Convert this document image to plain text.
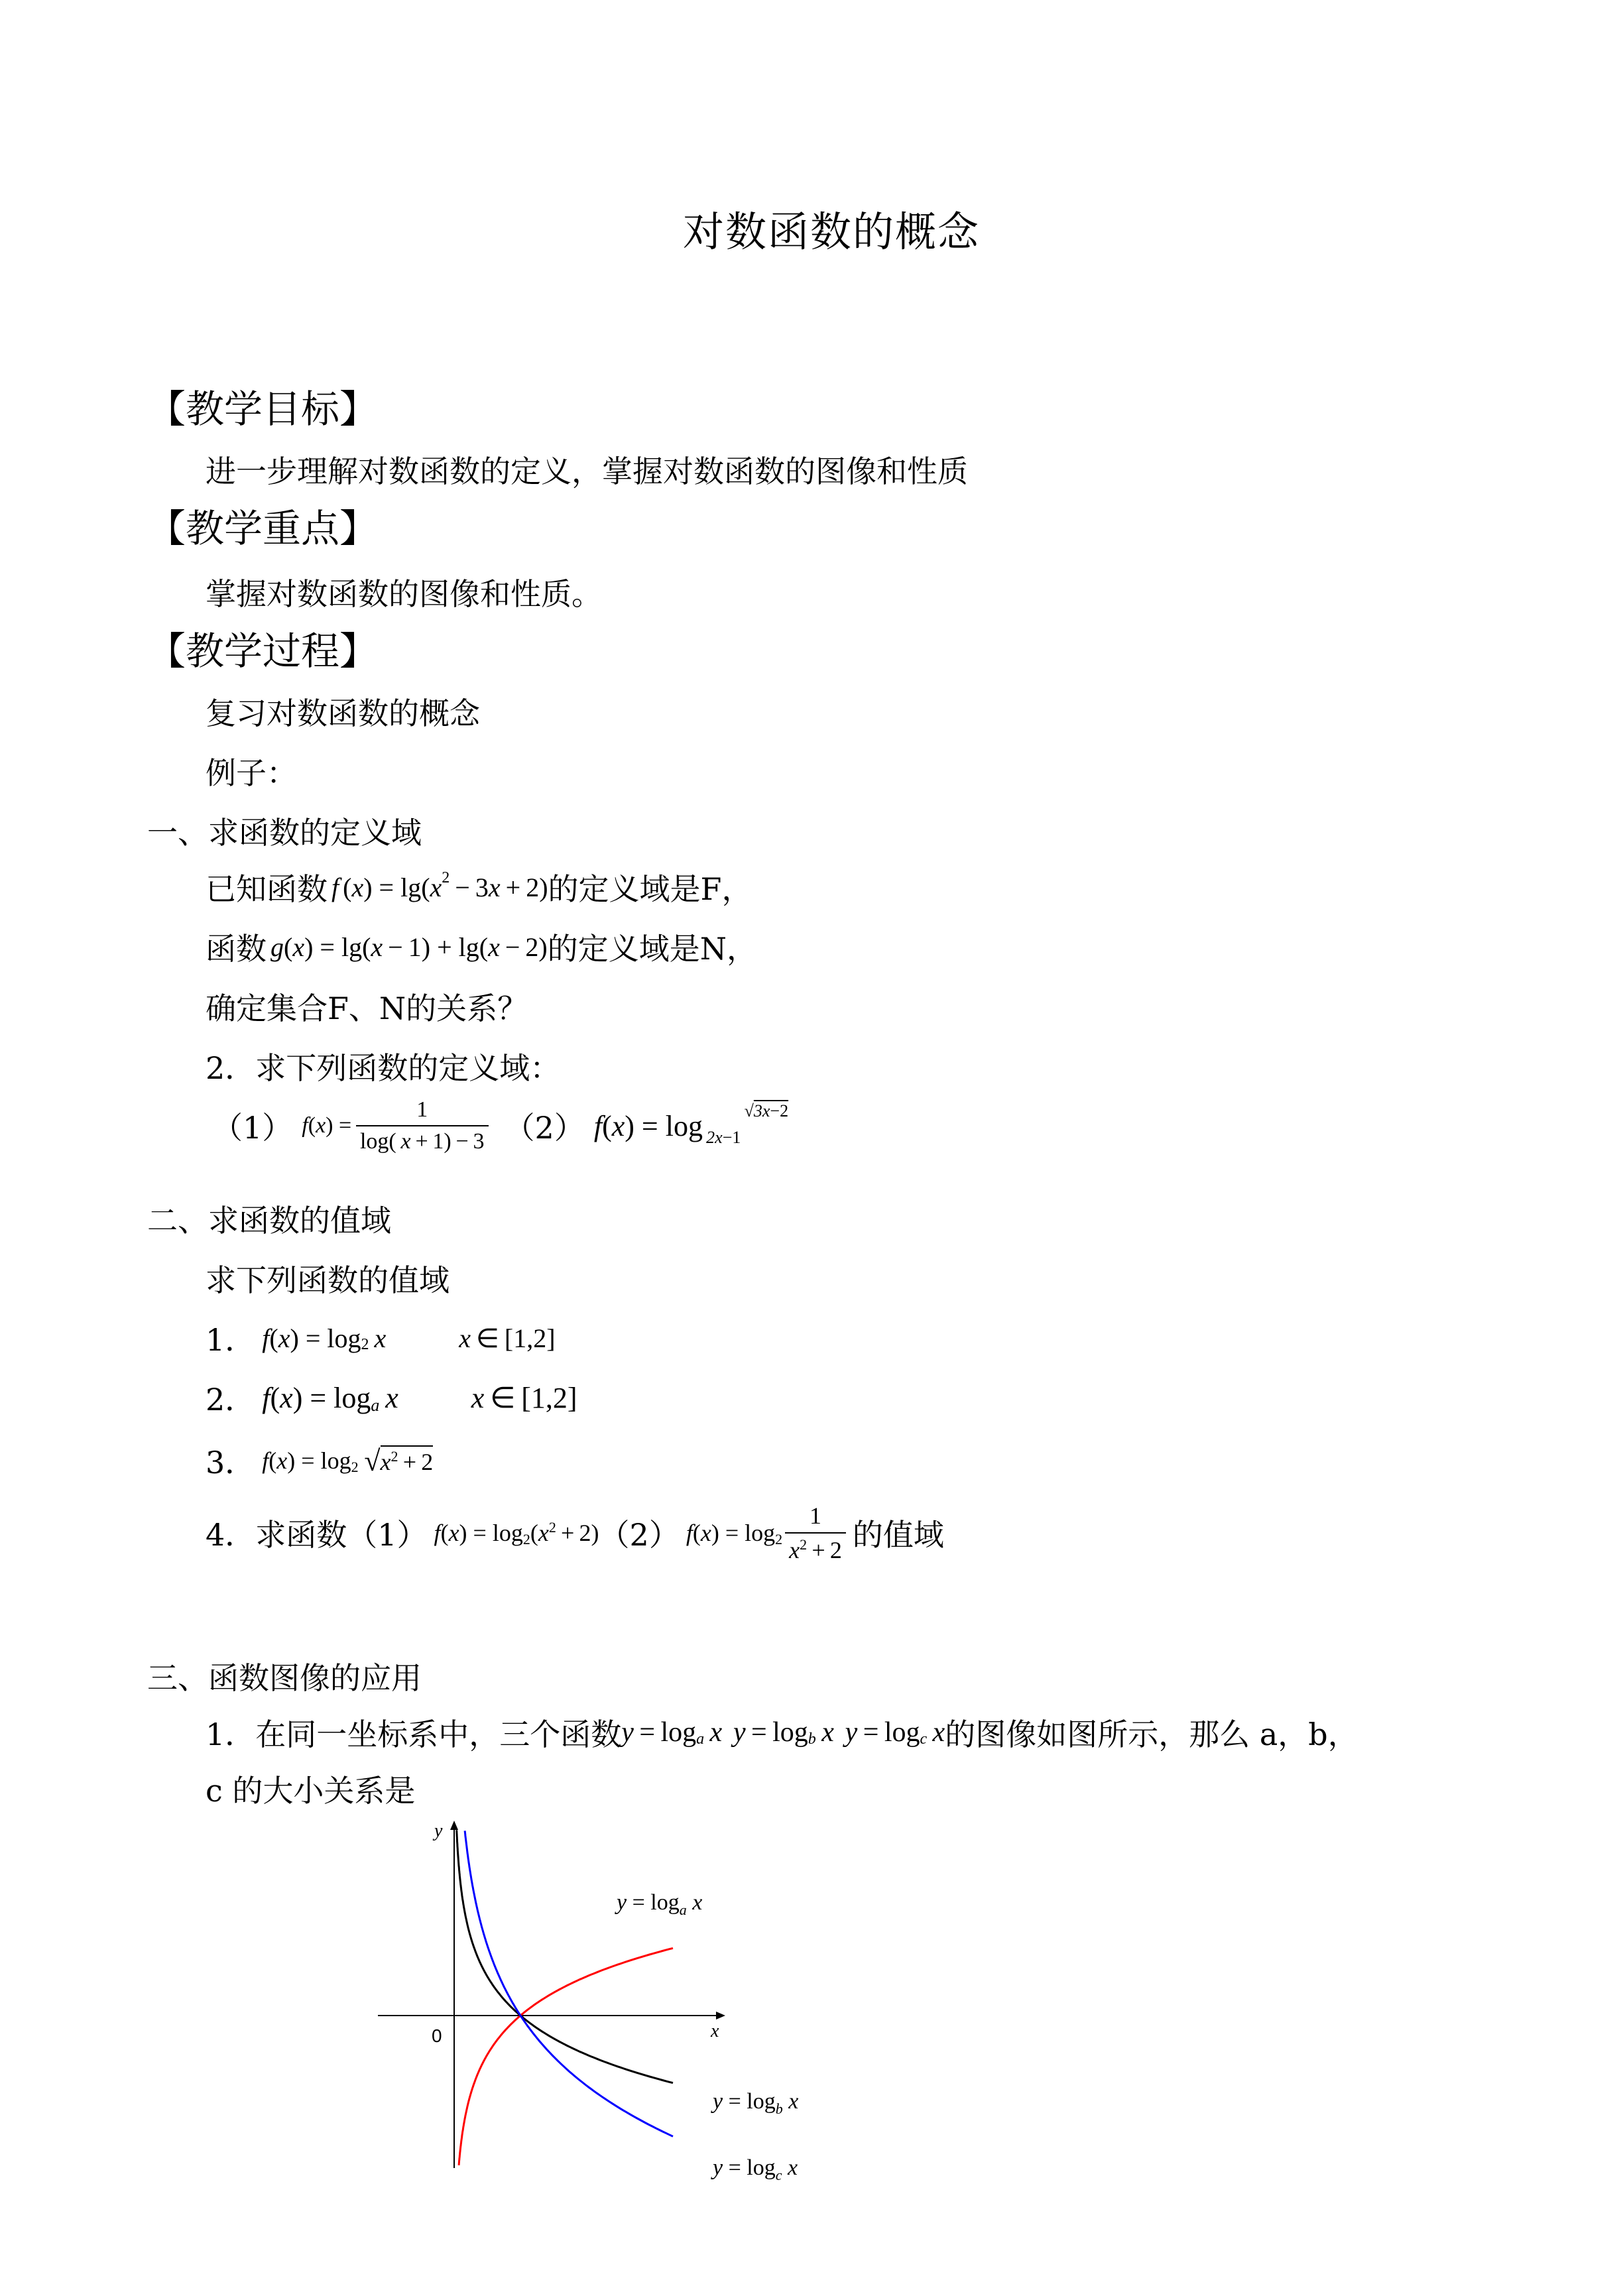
对数函数的概念
【教学目标】
进一步理解对数函数的定义，掌握对数函数的图像和性质
【教学重点】
掌握对数函数的图像和性质。
【教学过程】
复习对数函数的概念
例子：
一、求函数的定义域
已知函数 f ( x ) = lg( $x^2 - 3$ x  + 2) 的定义域是F，
函数 g ( x ) = lg( x  − 1) + lg( x  − 2) 的定义域是N，
确定集合F、N的关系？
2．求下列函数的定义域：
（1） f ( x ) =  $\frac{1}{\log( x + 1) - 3} (2)$ f ( x ) = log  2x−1
 √3x−2
二、求函数的值域
求下列函数的值域
1． f ( x ) = $\log_2 x$	x  ∈ [1,2]
2． f ( x ) = $\log_a x$	x  ∈ [1,2]
3． f ( x ) = $\log_2$  √ $x^2 + 2$
4．求函数（1） f ( x ) = $\log_2 (x^2 + 2)$ （2） f ( x ) = $\log_2 \frac{1}{x^2 + 2}$ 的值域
三、函数图像的应用
1．在同一坐标系中，三个函数 $y = \log_a x$  $y = \log_b x$  $y = \log_c x$ 的图像如图所示，那么 a，b，
c 的大小关系是
x
y
0
$y = \log_a x$
$y = \log_b x$
$y = \log_c x$
